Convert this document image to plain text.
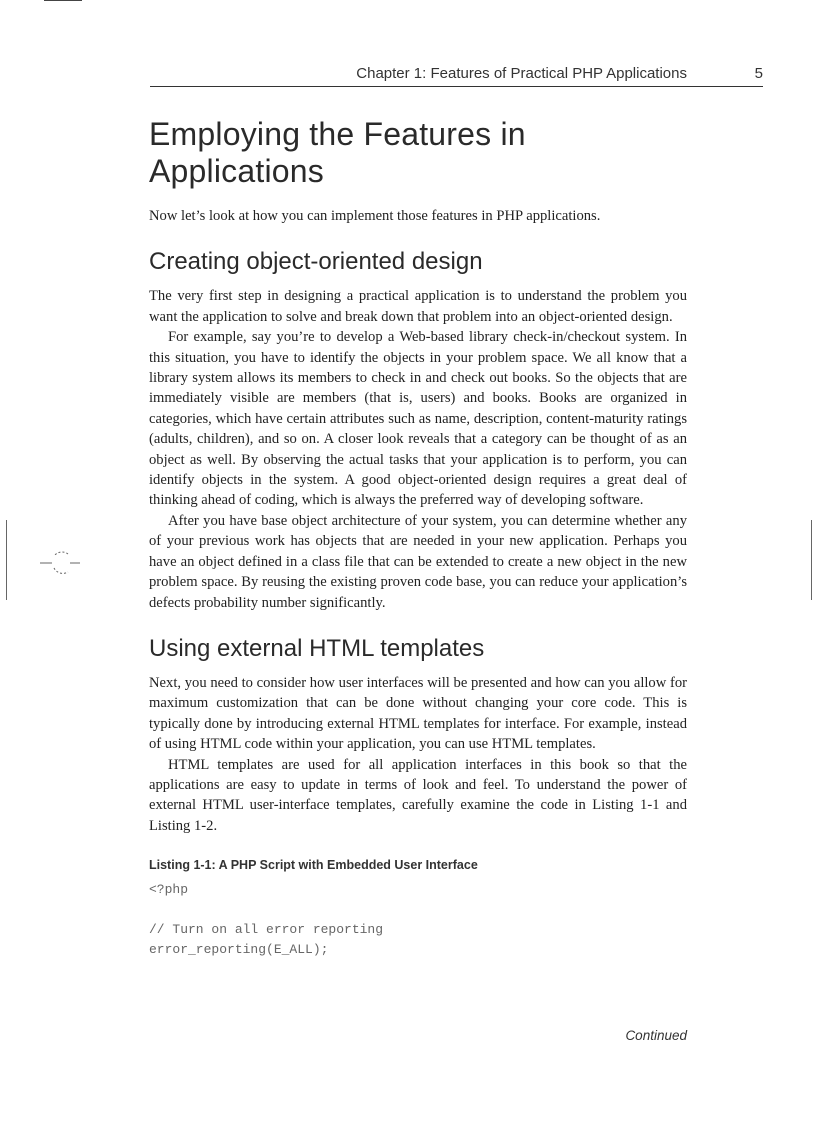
Chapter 1: Features of Practical PHP Applications	5
Employing the Features in Applications

Now let’s look at how you can implement those features in PHP applications.

Creating object-oriented design

The very first step in designing a practical application is to understand the problem you want the application to solve and break down that problem into an object-oriented design.

For example, say you’re to develop a Web-based library check-in/checkout system. In this situation, you have to identify the objects in your problem space. We all know that a library system allows its members to check in and check out books. So the objects that are immediately visible are members (that is, users) and books. Books are organized in categories, which have certain attributes such as name, description, content-maturity ratings (adults, children), and so on. A closer look reveals that a category can be thought of as an object as well. By observing the actual tasks that your application is to perform, you can identify objects in the system. A good object-oriented design requires a great deal of thinking ahead of coding, which is always the preferred way of developing software.

After you have base object architecture of your system, you can determine whether any of your previous work has objects that are needed in your new application. Perhaps you have an object defined in a class file that can be extended to create a new object in the new problem space. By reusing the existing proven code base, you can reduce your application’s defects probability number significantly.

Using external HTML templates

Next, you need to consider how user interfaces will be presented and how can you allow for maximum customization that can be done without changing your core code. This is typically done by introducing external HTML templates for interface. For example, instead of using HTML code within your application, you can use HTML templates.

HTML templates are used for all application interfaces in this book so that the applications are easy to update in terms of look and feel. To understand the power of external HTML user-interface templates, carefully examine the code in Listing 1-1 and Listing 1-2.

Listing 1-1: A PHP Script with Embedded User Interface
<?php
// Turn on all error reporting
error_reporting(E_ALL);
Continued
